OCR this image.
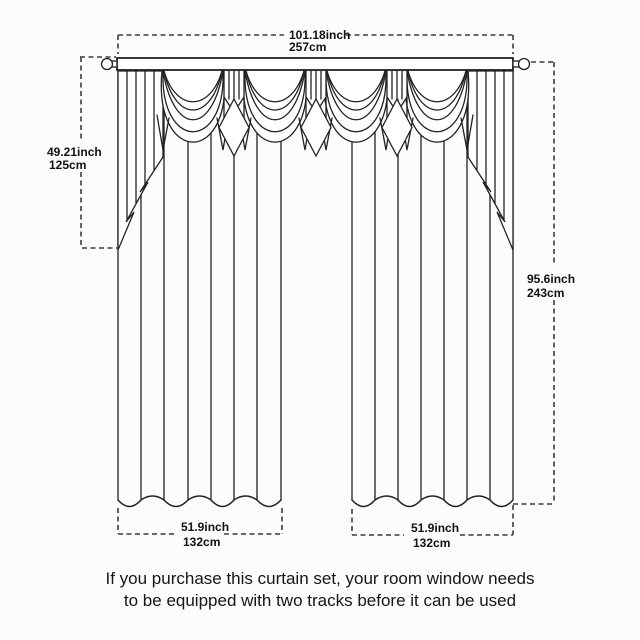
101.18inch
257cm
49.21inch
125cm
95.6inch
243cm
51.9inch
132cm
51.9inch
132cm
If you purchase this curtain set, your room window needs
to be equipped with two tracks before it can be used
